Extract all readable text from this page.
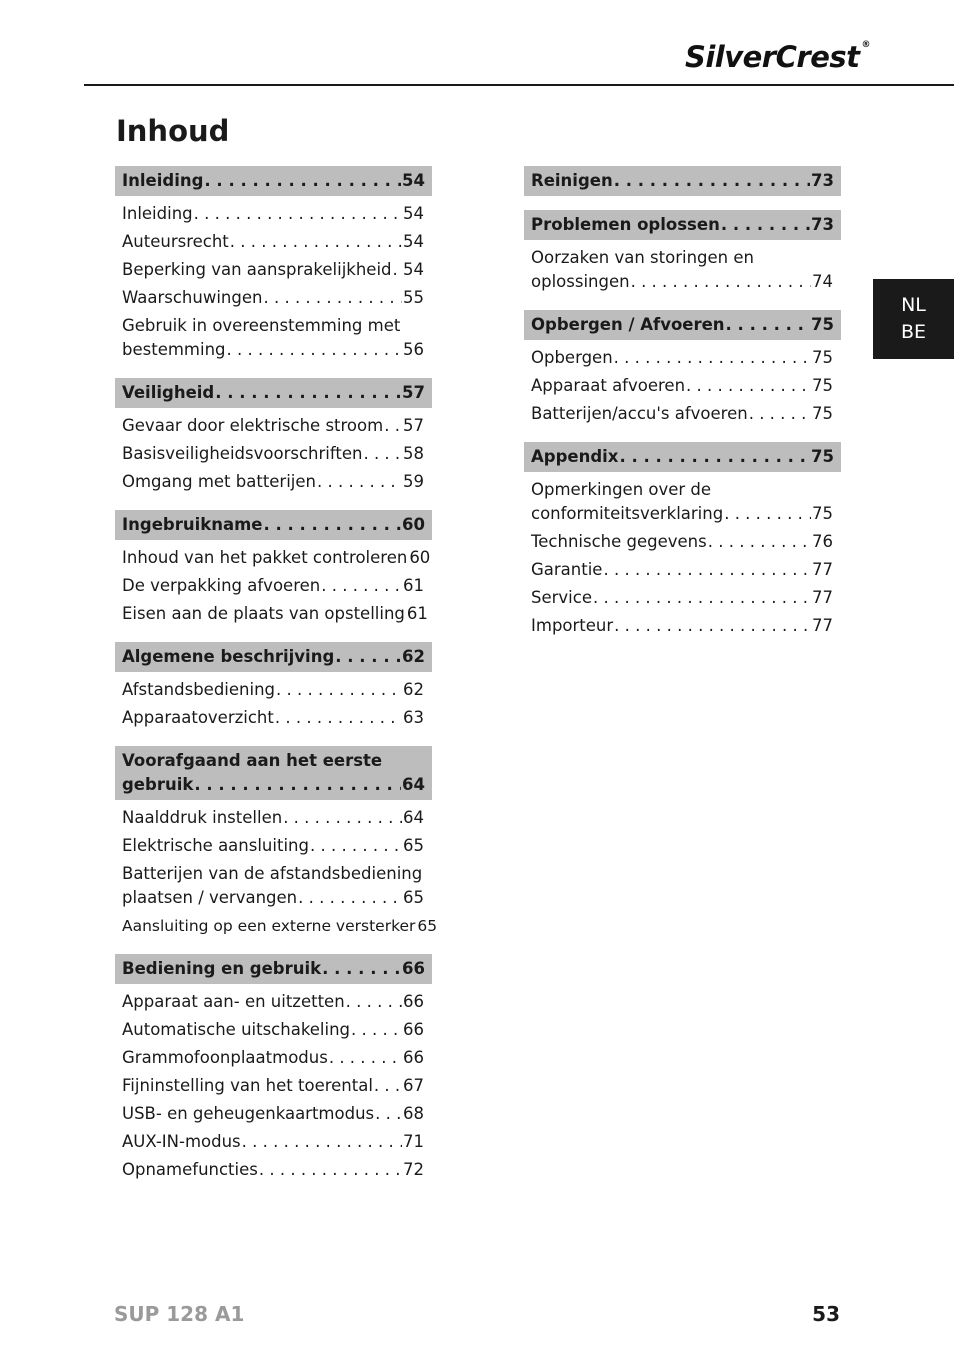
SilverCrest ®
Inhoud
Inleiding . . .	54
Inleiding . . .	54
Auteursrecht . . .	54
Beperking van aansprakelijkheid . . . 54
Waarschuwingen . . .	55
Gebruik in overeenstemming met
bestemming . . .	56
Veiligheid . . .	57
Gevaar door elektrische stroom . . . 57
Basisveiligheidsvoorschriften . . . 58
Omgang met batterijen . . .	59
Ingebruikname . . .	60
Inhoud van het pakket controleren 60
De verpakking afvoeren . . .	61
Eisen aan de plaats van opstelling 61
Algemene beschrijving . . .	62
Afstandsbediening . . .	62
Apparaatoverzicht . . .	63
Voorafgaand aan het eerste
gebruik . . .	64
Naalddruk instellen . . .	64
Elektrische aansluiting . . .	65
Batterijen van de afstandsbediening
plaatsen / vervangen . . .	65
Aansluiting op een externe versterker 65
Bediening en gebruik . . .	66
Apparaat aan- en uitzetten . . .	66
Automatische uitschakeling . . .	66
Grammofoonplaatmodus . . .	66
Fijninstelling van het toerental . . . 67
USB- en geheugenkaartmodus . . . 68
AUX-IN-modus . . .	71
Opnamefuncties . . .	72
Reinigen . . .	73
Problemen oplossen . . .	73
Oorzaken van storingen en
oplossingen . . .	74
Opbergen / Afvoeren . . .	75
Opbergen . . .	75
Apparaat afvoeren . . .	75
Batterijen/accu's afvoeren . . .	75
Appendix . . .	75
Opmerkingen over de
conformiteitsverklaring . . .	75
Technische gegevens . . .	76
Garantie . . .	77
Service . . .	77
Importeur . . .	77
NL
BE
SUP 128 A1	53
